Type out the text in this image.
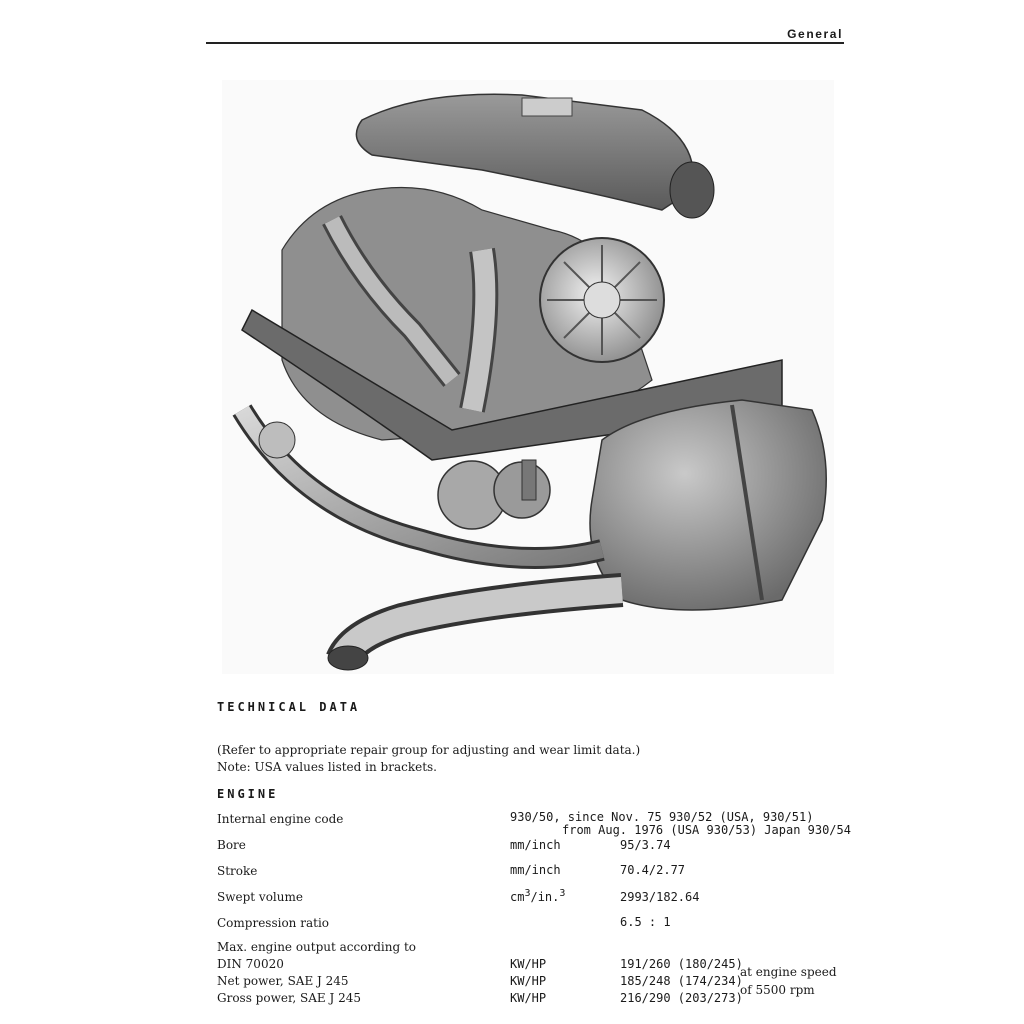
General
TECHNICAL DATA
(Refer to appropriate repair group for adjusting and wear limit data.)
Note: USA values listed in brackets.
ENGINE
Internal engine code	930/50, since Nov. 75 930/52 (USA, 930/51)
from Aug. 1976 (USA 930/53) Japan 930/54
Bore	mm/inch	95/3.74
Stroke	mm/inch	70.4/2.77
Swept volume	$cm^3/in.^3$	2993/182.64
Compression ratio	6.5 : 1
Max. engine output according to
DIN 70020	KW/HP	191/260 (180/245)
Net power, SAE J 245	KW/HP	185/248 (174/234)
Gross power, SAE J 245	KW/HP	216/290 (203/273)
at engine speed
of 5500 rpm
